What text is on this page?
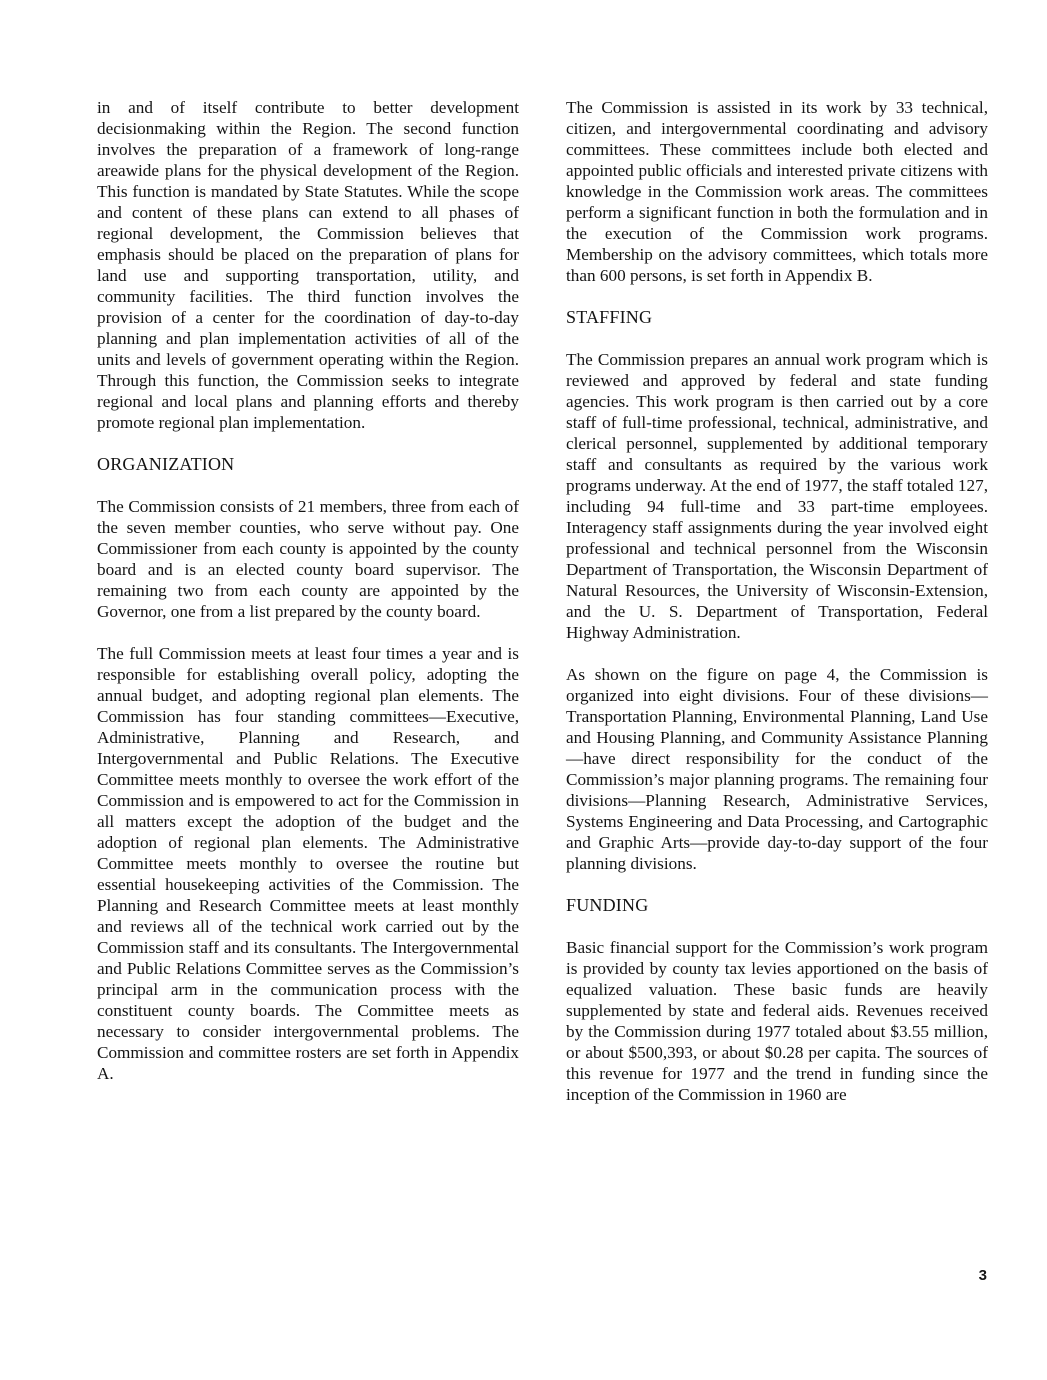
in and of itself contribute to better development decisionmaking within the Region. The second function involves the preparation of a framework of long-range areawide plans for the physical development of the Region. This function is mandated by State Statutes. While the scope and content of these plans can extend to all phases of regional development, the Commission believes that emphasis should be placed on the preparation of plans for land use and supporting transportation, utility, and community facilities. The third function involves the provision of a center for the coordination of day-to-day planning and plan implementation activities of all of the units and levels of government operating within the Region. Through this function, the Commission seeks to integrate regional and local plans and planning efforts and thereby promote regional plan implementation.

ORGANIZATION

The Commission consists of 21 members, three from each of the seven member counties, who serve without pay. One Commissioner from each county is appointed by the county board and is an elected county board supervisor. The remaining two from each county are appointed by the Governor, one from a list prepared by the county board.

The full Commission meets at least four times a year and is responsible for establishing overall policy, adopting the annual budget, and adopting regional plan elements. The Commission has four standing committees—Executive, Administrative, Planning and Research, and Intergovernmental and Public Relations. The Executive Committee meets monthly to oversee the work effort of the Commission and is empowered to act for the Commission in all matters except the adoption of the budget and the adoption of regional plan elements. The Administrative Committee meets monthly to oversee the routine but essential housekeeping activities of the Commission. The Planning and Research Committee meets at least monthly and reviews all of the technical work carried out by the Commission staff and its consultants. The Intergovernmental and Public Relations Committee serves as the Commission’s principal arm in the communication process with the constituent county boards. The Committee meets as necessary to consider intergovernmental problems. The Commission and committee rosters are set forth in Appendix A.

The Commission is assisted in its work by 33 technical, citizen, and intergovernmental coordinating and advisory committees. These committees include both elected and appointed public officials and interested private citizens with knowledge in the Commission work areas. The committees perform a significant function in both the formulation and in the execution of the Commission work programs. Membership on the advisory committees, which totals more than 600 persons, is set forth in Appendix B.

STAFFING

The Commission prepares an annual work program which is reviewed and approved by federal and state funding agencies. This work program is then carried out by a core staff of full-time professional, technical, administrative, and clerical personnel, supplemented by additional temporary staff and consultants as required by the various work programs underway. At the end of 1977, the staff totaled 127, including 94 full-time and 33 part-time employees. Interagency staff assignments during the year involved eight professional and technical personnel from the Wisconsin Department of Transportation, the Wisconsin Department of Natural Resources, the University of Wisconsin-Extension, and the U. S. Department of Transportation, Federal Highway Administration.

As shown on the figure on page 4, the Commission is organized into eight divisions. Four of these divisions—Transportation Planning, Environmental Planning, Land Use and Housing Planning, and Community Assistance Planning—have direct responsibility for the conduct of the Commission’s major planning programs. The remaining four divisions—Planning Research, Administrative Services, Systems Engineering and Data Processing, and Cartographic and Graphic Arts—provide day-to-day support of the four planning divisions.

FUNDING

Basic financial support for the Commission’s work program is provided by county tax levies apportioned on the basis of equalized valuation. These basic funds are heavily supplemented by state and federal aids. Revenues received by the Commission during 1977 totaled about $3.55 million, or about $500,393, or about $0.28 per capita. The sources of this revenue for 1977 and the trend in funding since the inception of the Commission in 1960 are

3
